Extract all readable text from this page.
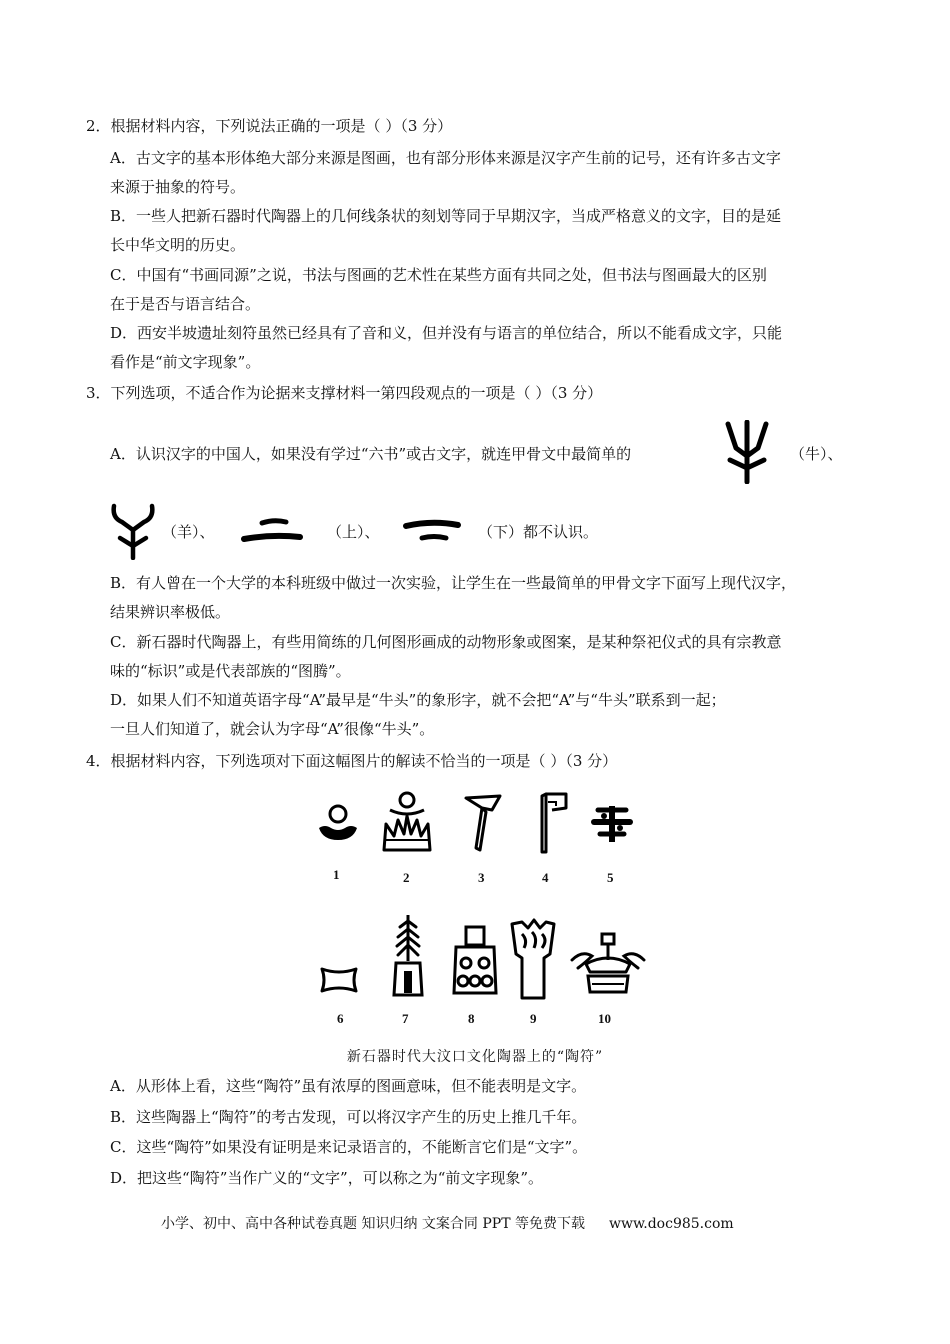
2．根据材料内容，下列说法正确的一项是（ ）（3 分）
A．古文字的基本形体绝大部分来源是图画，也有部分形体来源是汉字产生前的记号，还有许多古文字
来源于抽象的符号。
B．一些人把新石器时代陶器上的几何线条状的刻划等同于早期汉字，当成严格意义的文字，目的是延
长中华文明的历史。
C．中国有“书画同源”之说，书法与图画的艺术性在某些方面有共同之处，但书法与图画最大的区别
在于是否与语言结合。
D．西安半坡遗址刻符虽然已经具有了音和义，但并没有与语言的单位结合，所以不能看成文字，只能
看作是“前文字现象”。
3．下列选项，不适合作为论据来支撑材料一第四段观点的一项是（ ）（3 分）
A．认识汉字的中国人，如果没有学过“六书”或古文字，就连甲骨文中最简单的	（牛）、
（羊）、	（上）、	（下）都不认识。
B．有人曾在一个大学的本科班级中做过一次实验，让学生在一些最简单的甲骨文字下面写上现代汉字，
结果辨识率极低。
C．新石器时代陶器上，有些用简练的几何图形画成的动物形象或图案，是某种祭祀仪式的具有宗教意
味的“标识”或是代表部族的“图腾”。
D．如果人们不知道英语字母“A”最早是“牛头”的象形字，就不会把“A”与“牛头”联系到一起；
一旦人们知道了，就会认为字母“A”很像“牛头”。
4．根据材料内容，下列选项对下面这幅图片的解读不恰当的一项是（ ）（3 分）
1	2	3	4	5
6	7	8	9	10
新石器时代大汶口文化陶器上的“陶符”
A．从形体上看，这些“陶符”虽有浓厚的图画意味，但不能表明是文字。
B．这些陶器上“陶符”的考古发现，可以将汉字产生的历史上推几千年。
C．这些“陶符”如果没有证明是来记录语言的，不能断言它们是“文字”。
D．把这些“陶符”当作广义的“文字”，可以称之为“前文字现象”。
小学、初中、高中各种试卷真题 知识归纳 文案合同 PPT 等免费下载 www.doc985.com
